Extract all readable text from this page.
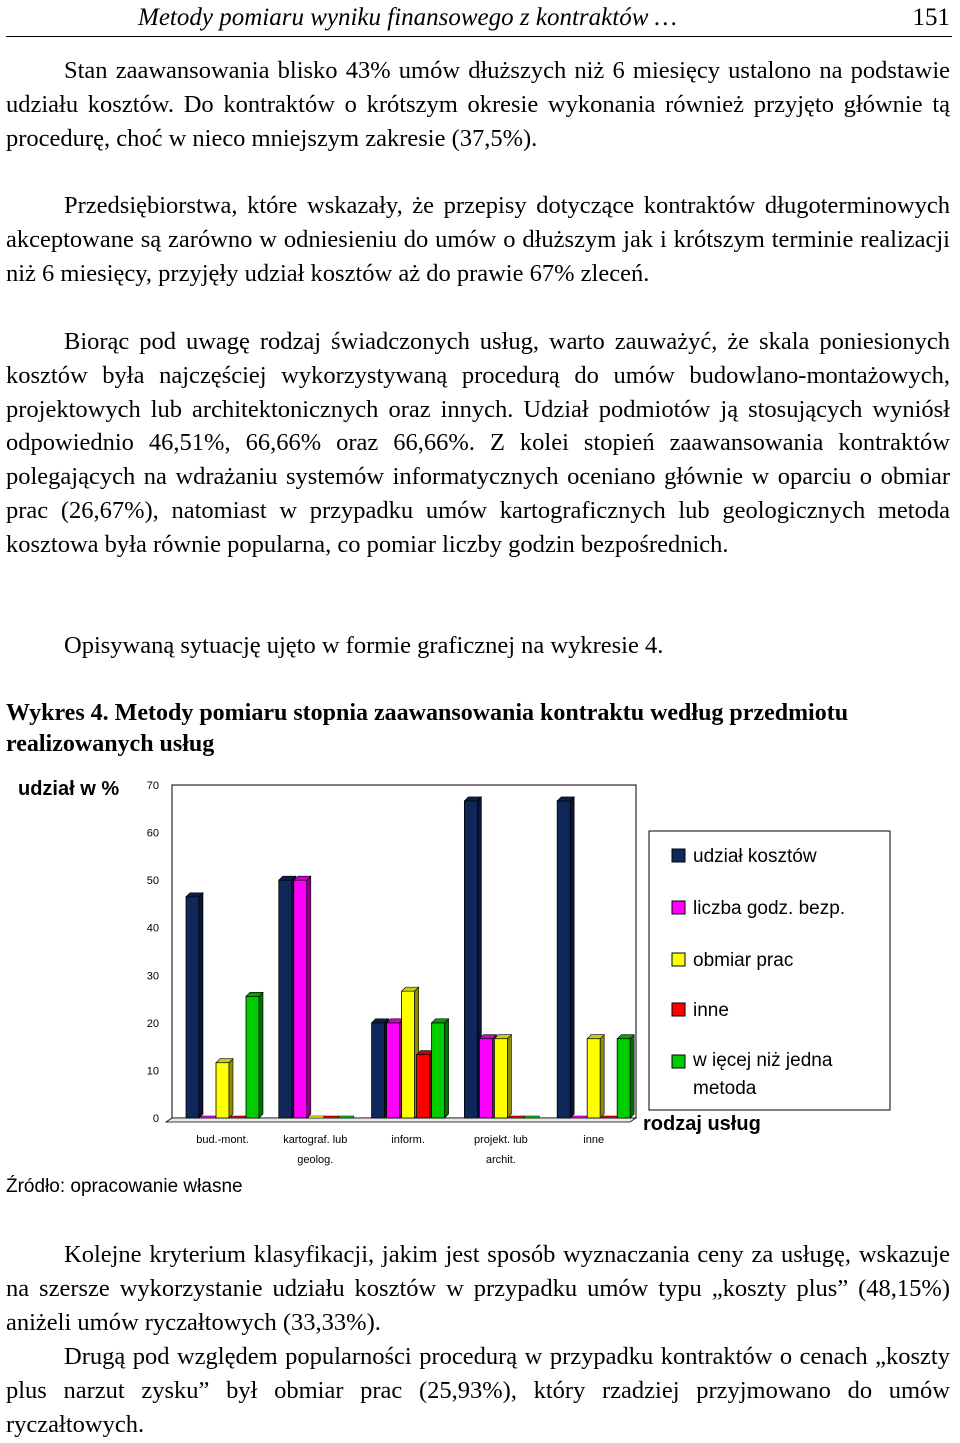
Metody pomiaru wyniku finansowego z kontraktów …	151
Stan zaawansowania blisko 43% umów dłuższych niż 6 miesięcy ustalono na podstawie udziału kosztów. Do kontraktów o krótszym okresie wykonania również przyjęto głównie tą procedurę, choć w nieco mniejszym zakresie (37,5%).
Przedsiębiorstwa, które wskazały, że przepisy dotyczące kontraktów długoterminowych akceptowane są zarówno w odniesieniu do umów o dłuższym jak i krótszym terminie realizacji niż 6 miesięcy, przyjęły udział kosztów aż do prawie 67% zleceń.
Biorąc pod uwagę rodzaj świadczonych usług, warto zauważyć, że skala poniesionych kosztów była najczęściej wykorzystywaną procedurą do umów budowlano-montażowych, projektowych lub architektonicznych oraz innych. Udział podmiotów ją stosujących wyniósł odpowiednio 46,51%, 66,66% oraz 66,66%. Z kolei stopień zaawansowania kontraktów polegających na wdrażaniu systemów informatycznych oceniano głównie w oparciu o obmiar prac (26,67%), natomiast w przypadku umów kartograficznych lub geologicznych metoda kosztowa była równie popularna, co pomiar liczby godzin bezpośrednich.
Opisywaną sytuację ujęto w formie graficznej na wykresie 4.
Wykres 4. Metody pomiaru stopnia zaawansowania kontraktu według przedmiotu realizowanych usług
0
10
20
30
40
50
60
70
udział w %
bud.-mont.	kartograf. lub
geolog.
inform.	projekt. lub
archit.
inne
udział kosztów
liczba godz. bezp.
obmiar prac
inne
w ięcej niż jedna
metoda
rodzaj usług
Źródło: opracowanie własne
Kolejne kryterium klasyfikacji, jakim jest sposób wyznaczania ceny za usługę, wskazuje na szersze wykorzystanie udziału kosztów w przypadku umów typu „koszty plus” (48,15%) aniżeli umów ryczałtowych (33,33%).
Drugą pod względem popularności procedurą w przypadku kontraktów o cenach „koszty plus narzut zysku” był obmiar prac (25,93%), który rzadziej przyjmowano do umów ryczałtowych.
